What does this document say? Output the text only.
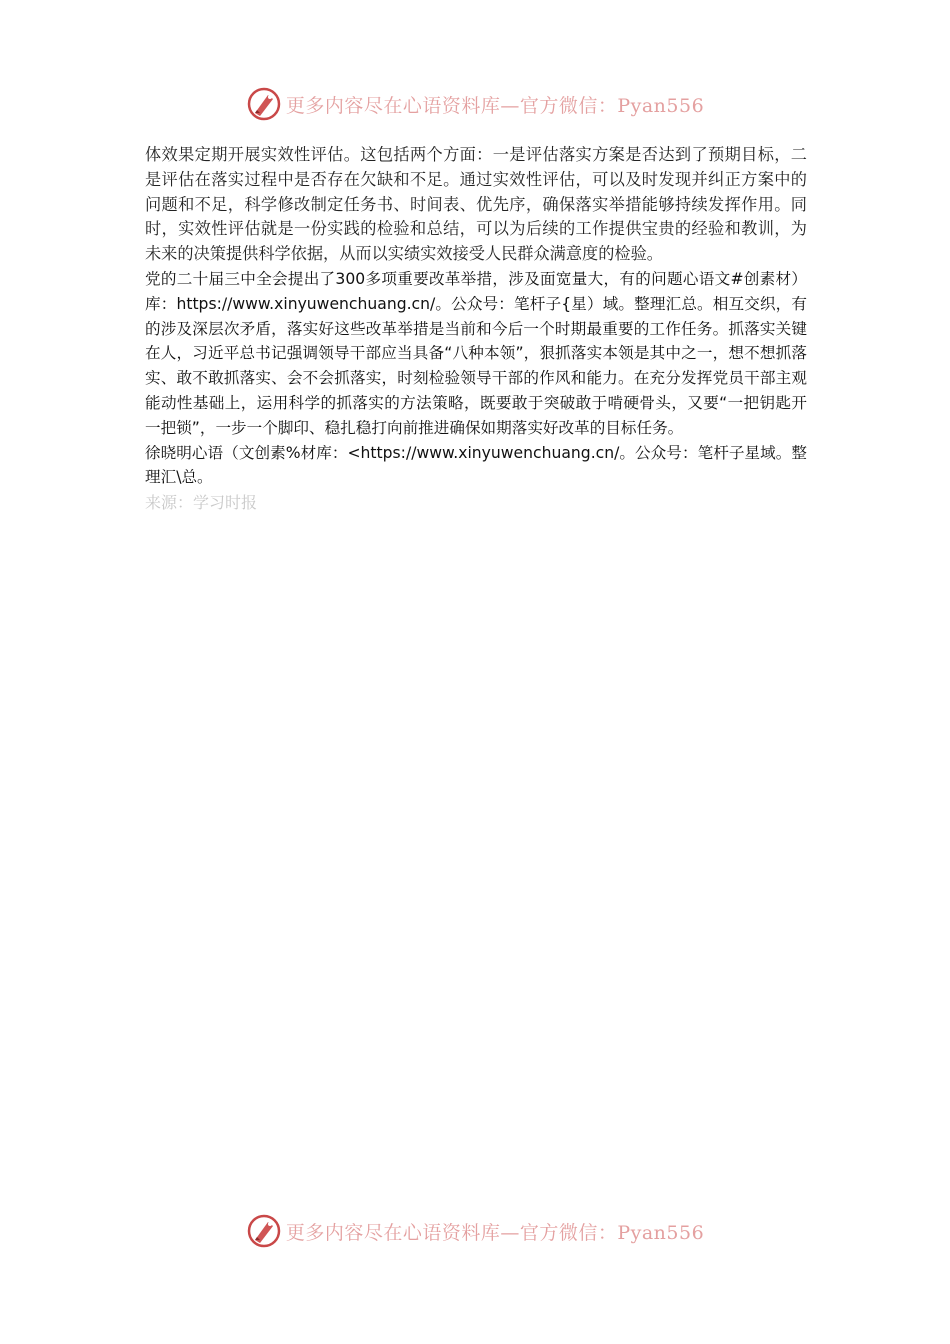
更多内容尽在心语资料库—官方微信：Pyan556

体效果定期开展实效性评估。这包括两个方面：一是评估落实方案是否达到了预期目标，二是评估在落实过程中是否存在欠缺和不足。通过实效性评估，可以及时发现并纠正方案中的问题和不足，科学修改制定任务书、时间表、优先序，确保落实举措能够持续发挥作用。同时，实效性评估就是一份实践的检验和总结，可以为后续的工作提供宝贵的经验和教训，为未来的决策提供科学依据，从而以实绩实效接受人民群众满意度的检验。

党的二十届三中全会提出了300多项重要改革举措，涉及面宽量大，有的问题心语文#创素材）库：https://www.xinyuwenchuang.cn/。公众号：笔杆子{星）域。整理汇总。相互交织，有的涉及深层次矛盾，落实好这些改革举措是当前和今后一个时期最重要的工作任务。抓落实关键在人，习近平总书记强调领导干部应当具备“八种本领”，狠抓落实本领是其中之一，想不想抓落实、敢不敢抓落实、会不会抓落实，时刻检验领导干部的作风和能力。在充分发挥党员干部主观能动性基础上，运用科学的抓落实的方法策略，既要敢于突破敢于啃硬骨头，又要“一把钥匙开一把锁”，一步一个脚印、稳扎稳打向前推进确保如期落实好改革的目标任务。

徐晓明心语（文创素%材库：<https://www.xinyuwenchuang.cn/。公众号：笔杆子星域。整理汇\总。

来源：学习时报

更多内容尽在心语资料库—官方微信：Pyan556
